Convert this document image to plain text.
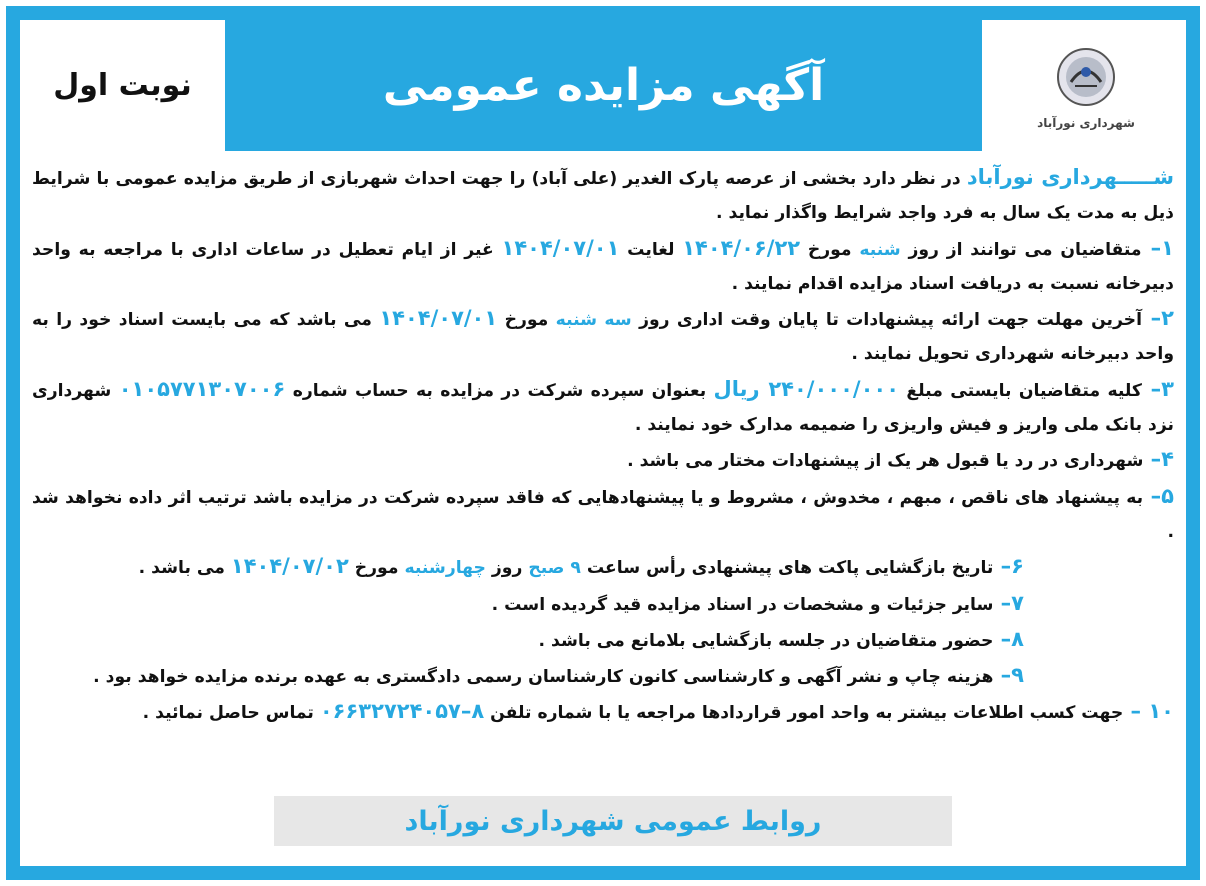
نوبت اول	آگهی مزایده عمومی
شهرداری نورآباد

شـــــهرداری نورآباد در نظر دارد بخشی از عرصه پارک الغدیر (علی آباد) را جهت احداث شهربازی از طریق مزایده عمومی با شرایط ذیل به مدت یک سال به فرد واجد شرایط واگذار نماید .

۱– متقاضیان می توانند از روز شنبه مورخ ۱۴۰۴/۰۶/۲۲ لغایت ۱۴۰۴/۰۷/۰۱ غیر از ایام تعطیل در ساعات اداری با مراجعه به واحد دبیرخانه نسبت به دریافت اسناد مزایده اقدام نمایند .

۲– آخرین مهلت جهت ارائه پیشنهادات تا پایان وقت اداری روز سه شنبه مورخ ۱۴۰۴/۰۷/۰۱ می باشد که می بایست اسناد خود را به واحد دبیرخانه شهرداری تحویل نمایند .

۳– کلیه متقاضیان بایستی مبلغ ۲۴۰/۰۰۰/۰۰۰ ریال بعنوان سپرده شرکت در مزایده به حساب شماره ۰۱۰۵۷۷۱۳۰۷۰۰۶ شهرداری نزد بانک ملی واریز و فیش واریزی را ضمیمه مدارک خود نمایند .

۴– شهرداری در رد یا قبول هر یک از پیشنهادات مختار می باشد .

۵– به پیشنهاد های ناقص ، مبهم ، مخدوش ، مشروط و یا پیشنهادهایی که فاقد سپرده شرکت در مزایده باشد ترتیب اثر داده نخواهد شد .

۶– تاریخ بازگشایی پاکت های پیشنهادی رأس ساعت ۹ صبح روز چهارشنبه مورخ ۱۴۰۴/۰۷/۰۲ می باشد .

۷– سایر جزئیات و مشخصات در اسناد مزایده قید گردیده است .

۸– حضور متقاضیان در جلسه بازگشایی بلامانع می باشد .

۹– هزینه چاپ و نشر آگهی و کارشناسی کانون کارشناسان رسمی دادگستری به عهده برنده مزایده خواهد بود .

۱۰ – جهت کسب اطلاعات بیشتر به واحد امور قراردادها مراجعه یا با شماره تلفن ۸–۰۶۶۳۲۷۲۴۰۵۷ تماس حاصل نمائید .

روابط عمومی شهرداری نورآباد
